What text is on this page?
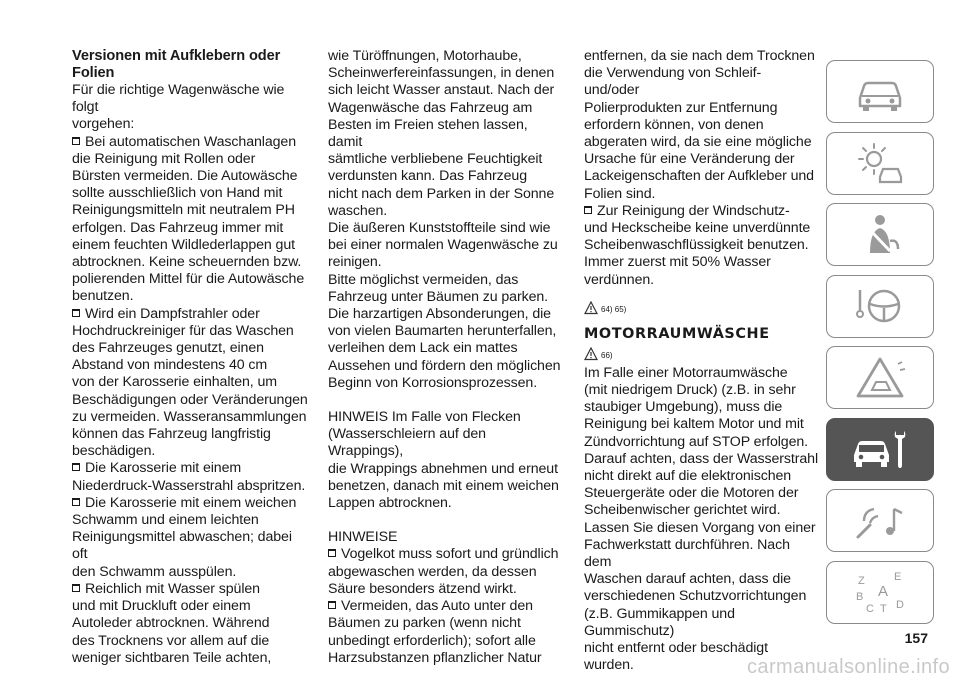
Versionen mit Aufklebern oder Folien

Für die richtige Wagenwäsche wie folgt
vorgehen:

Bei automatischen Waschanlagen
die Reinigung mit Rollen oder
Bürsten vermeiden. Die Autowäsche
sollte ausschließlich von Hand mit
Reinigungsmitteln mit neutralem PH
erfolgen. Das Fahrzeug immer mit
einem feuchten Wildlederlappen gut
abtrocknen. Keine scheuernden bzw.
polierenden Mittel für die Autowäsche
benutzen.

Wird ein Dampfstrahler oder
Hochdruckreiniger für das Waschen
des Fahrzeuges genutzt, einen
Abstand von mindestens 40 cm
von der Karosserie einhalten, um
Beschädigungen oder Veränderungen
zu vermeiden. Wasseransammlungen
können das Fahrzeug langfristig
beschädigen.

Die Karosserie mit einem
Niederdruck-Wasserstrahl abspritzen.

Die Karosserie mit einem weichen
Schwamm und einem leichten
Reinigungsmittel abwaschen; dabei oft
den Schwamm ausspülen.

Reichlich mit Wasser spülen
und mit Druckluft oder einem
Autoleder abtrocknen. Während
des Trocknens vor allem auf die
weniger sichtbaren Teile achten,

wie Türöffnungen, Motorhaube,
Scheinwerfereinfassungen, in denen
sich leicht Wasser anstaut. Nach der
Wagenwäsche das Fahrzeug am
Besten im Freien stehen lassen, damit
sämtliche verbliebene Feuchtigkeit
verdunsten kann. Das Fahrzeug
nicht nach dem Parken in der Sonne
waschen.

Die äußeren Kunststoffteile sind wie
bei einer normalen Wagenwäsche zu
reinigen.

Bitte möglichst vermeiden, das
Fahrzeug unter Bäumen zu parken.
Die harzartigen Absonderungen, die
von vielen Baumarten herunterfallen,
verleihen dem Lack ein mattes
Aussehen und fördern den möglichen
Beginn von Korrosionsprozessen.

HINWEIS Im Falle von Flecken
(Wasserschleiern auf den Wrappings),
die Wrappings abnehmen und erneut
benetzen, danach mit einem weichen
Lappen abtrocknen.

HINWEISE

Vogelkot muss sofort und gründlich
abgewaschen werden, da dessen
Säure besonders ätzend wirkt.

Vermeiden, das Auto unter den
Bäumen zu parken (wenn nicht
unbedingt erforderlich); sofort alle
Harzsubstanzen pflanzlicher Natur

entfernen, da sie nach dem Trocknen
die Verwendung von Schleif- und/oder
Polierprodukten zur Entfernung
erfordern können, von denen
abgeraten wird, da sie eine mögliche
Ursache für eine Veränderung der
Lackeigenschaften der Aufkleber und
Folien sind.

Zur Reinigung der Windschutz-
und Heckscheibe keine unverdünnte
Scheibenwaschflüssigkeit benutzen.
Immer zuerst mit 50% Wasser
verdünnen.

64) 65)

MOTORRAUMWÄSCHE

66)

Im Falle einer Motorraumwäsche
(mit niedrigem Druck) (z.B. in sehr
staubiger Umgebung), muss die
Reinigung bei kaltem Motor und mit
Zündvorrichtung auf STOP erfolgen.
Darauf achten, dass der Wasserstrahl
nicht direkt auf die elektronischen
Steuergeräte oder die Motoren der
Scheibenwischer gerichtet wird.
Lassen Sie diesen Vorgang von einer
Fachwerkstatt durchführen. Nach dem
Waschen darauf achten, dass die
verschiedenen Schutzvorrichtungen
(z.B. Gummikappen und Gummischutz)
nicht entfernt oder beschädigt wurden.

Z	E
B A
C T D
157
carmanualsonline.info
